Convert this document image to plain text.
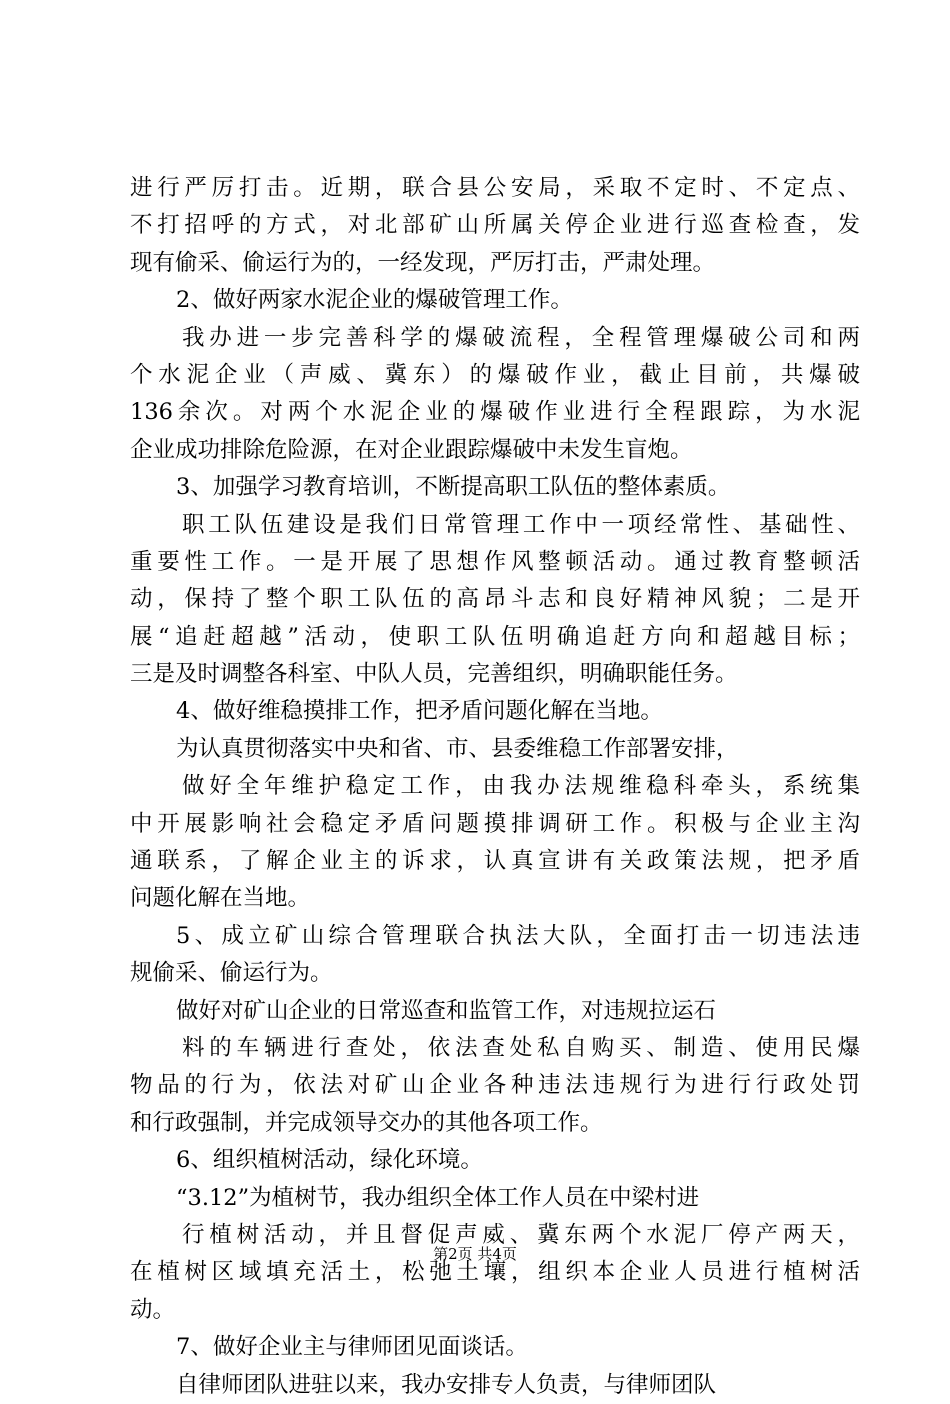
进行严厉打击。近期，联合县公安局，采取不定时、不定点、
不打招呼的方式，对北部矿山所属关停企业进行巡查检查，发
现有偷采、偷运行为的，一经发现，严厉打击，严肃处理。
2、做好两家水泥企业的爆破管理工作。
我办进一步完善科学的爆破流程，全程管理爆破公司和两
个水泥企业（声威、冀东）的爆破作业，截止目前，共爆破
136余次。对两个水泥企业的爆破作业进行全程跟踪，为水泥
企业成功排除危险源，在对企业跟踪爆破中未发生盲炮。
3、加强学习教育培训，不断提高职工队伍的整体素质。
职工队伍建设是我们日常管理工作中一项经常性、基础性、
重要性工作。一是开展了思想作风整顿活动。通过教育整顿活
动，保持了整个职工队伍的高昂斗志和良好精神风貌；二是开
展“追赶超越”活动，使职工队伍明确追赶方向和超越目标；
三是及时调整各科室、中队人员，完善组织，明确职能任务。
4、做好维稳摸排工作，把矛盾问题化解在当地。
为认真贯彻落实中央和省、市、县委维稳工作部署安排，
做好全年维护稳定工作，由我办法规维稳科牵头，系统集
中开展影响社会稳定矛盾问题摸排调研工作。积极与企业主沟
通联系，了解企业主的诉求，认真宣讲有关政策法规，把矛盾
问题化解在当地。
5、成立矿山综合管理联合执法大队，全面打击一切违法违
规偷采、偷运行为。
做好对矿山企业的日常巡查和监管工作，对违规拉运石
料的车辆进行查处，依法查处私自购买、制造、使用民爆
物品的行为，依法对矿山企业各种违法违规行为进行行政处罚
和行政强制，并完成领导交办的其他各项工作。
6、组织植树活动，绿化环境。
“3.12”为植树节，我办组织全体工作人员在中梁村进
行植树活动，并且督促声威、冀东两个水泥厂停产两天，
在植树区域填充活土，松弛土壤，组织本企业人员进行植树活
动。
7、做好企业主与律师团见面谈话。
自律师团队进驻以来，我办安排专人负责，与律师团队
第2页 共4页
